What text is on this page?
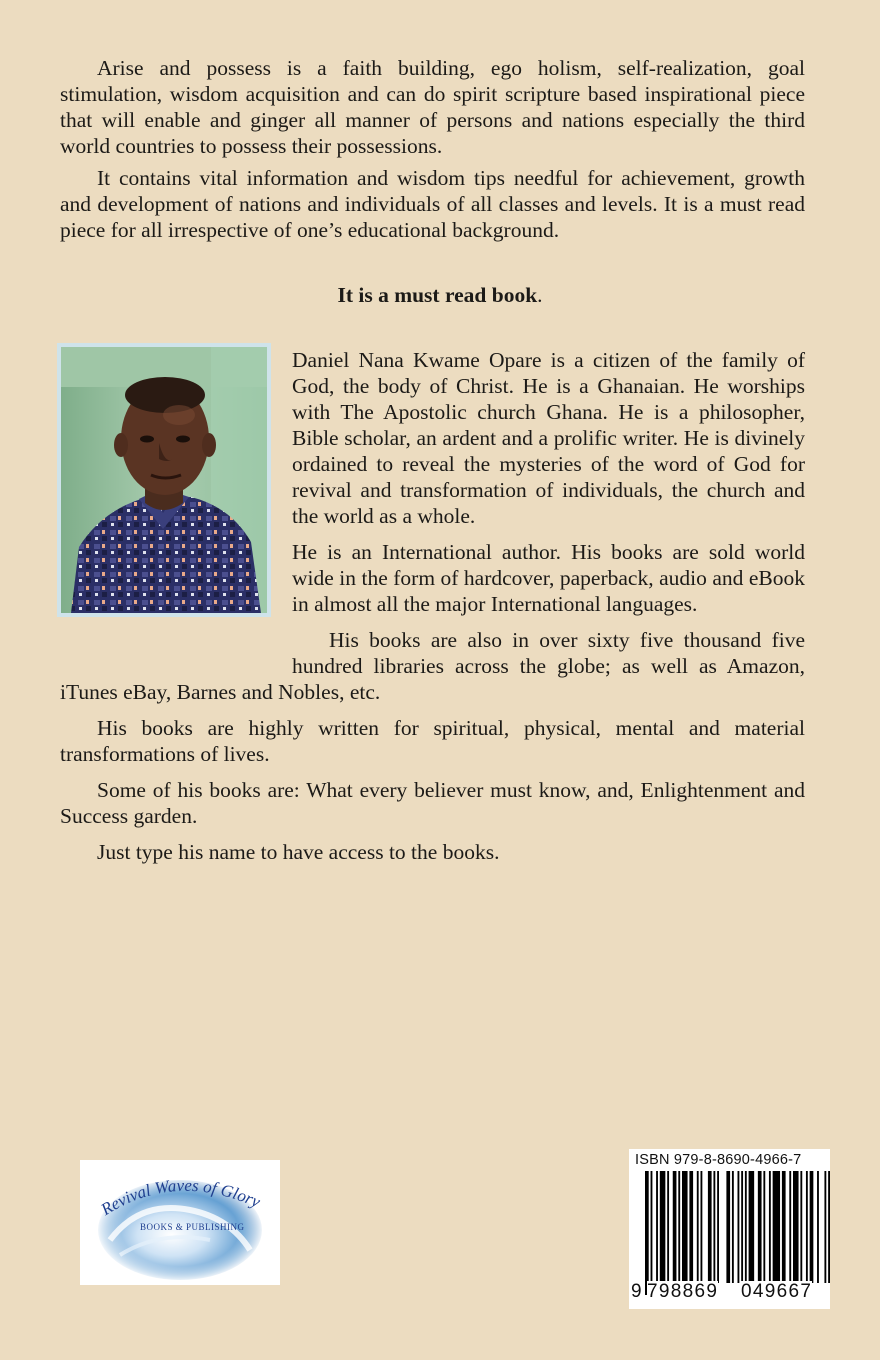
Arise and possess is a faith building, ego holism, self-realization, goal stimulation, wisdom acquisition and can do spirit scripture based inspirational piece that will enable and ginger all manner of persons and nations especially the third world countries to possess their possessions.

It contains vital information and wisdom tips needful for achievement, growth and development of nations and individuals of all classes and levels. It is a must read piece for all irrespective of one’s educational background.

It is a must read book.

Daniel Nana Kwame Opare is a citizen of the family of God, the body of Christ. He is a Ghanaian. He worships with The Apostolic church Ghana. He is a philosopher, Bible scholar, an ardent and a prolific writer. He is divinely ordained to reveal the mysteries of the word of God for revival and transformation of individuals, the church and the world as a whole.

He is an International author. His books are sold world wide in the form of hardcover, paperback, audio and eBook in almost all the major International languages.

His books are also in over sixty five thousand five hundred libraries across the globe; as well as Amazon, iTunes eBay, Barnes and Nobles, etc.

His books are highly written for spiritual, physical, mental and material transformations of lives.

Some of his books are: What every believer must know, and, Enlightenment and Success garden.

Just type his name to have access to the books.

Revival Waves of Glory
BOOKS & PUBLISHING
ISBN 979-8-8690-4966-7
9 798869 049667
